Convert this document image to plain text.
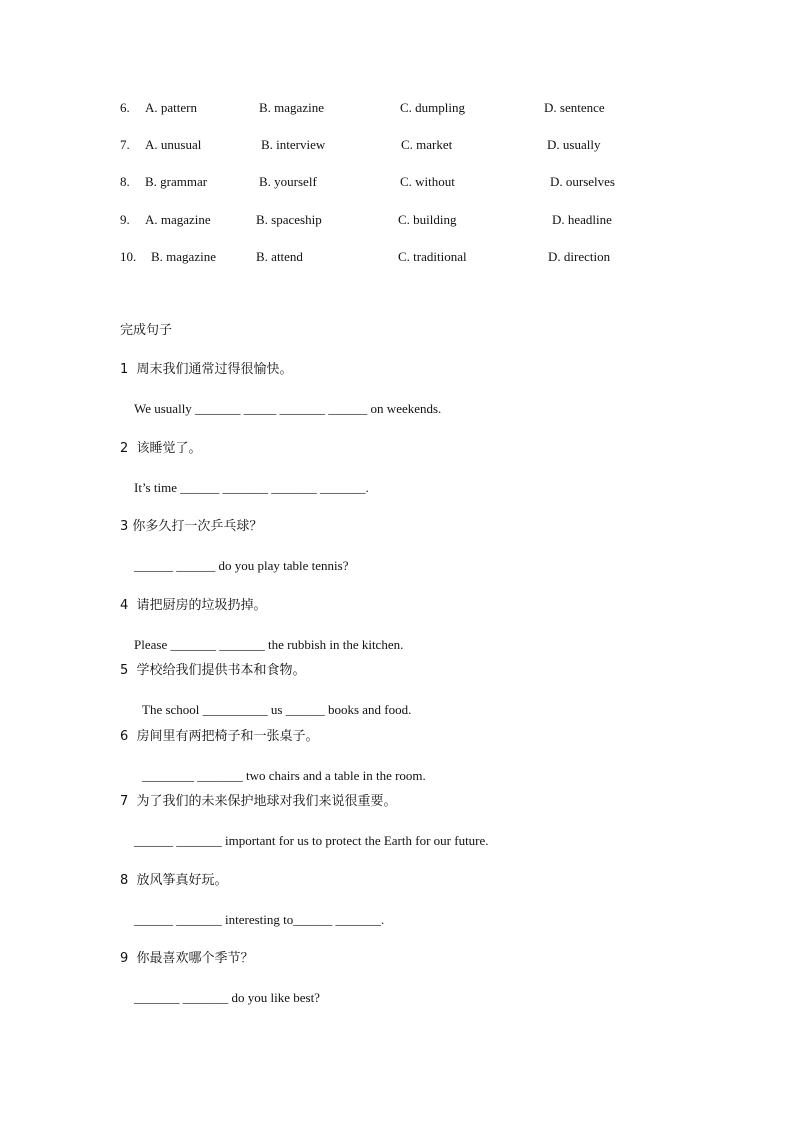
6. A. pattern	B. magazine	C. dumpling	D. sentence
7. A. unusual	B. interview	C. market	D. usually
8. B. grammar	B. yourself	C. without	D. ourselves
9. A. magazine	B. spaceship	C. building	D. headline
10. B. magazine	B. attend	C. traditional	D. direction
完成句子
1  周末我们通常过得很愉快。
We usually _______ _____ _______ ______ on weekends.
2  该睡觉了。
It’s time ______ _______ _______ _______.
3 你多久打一次乒乓球？
______ ______ do you play table tennis?
4  请把厨房的垃圾扔掉。
Please _______ _______ the rubbish in the kitchen.
5  学校给我们提供书本和食物。
The school __________ us ______ books and food.
6  房间里有两把椅子和一张桌子。
________ _______ two chairs and a table in the room.
7  为了我们的未来保护地球对我们来说很重要。
______ _______ important for us to protect the Earth for our future.
8  放风筝真好玩。
______ _______ interesting to______ _______.
9  你最喜欢哪个季节？
_______ _______ do you like best?
